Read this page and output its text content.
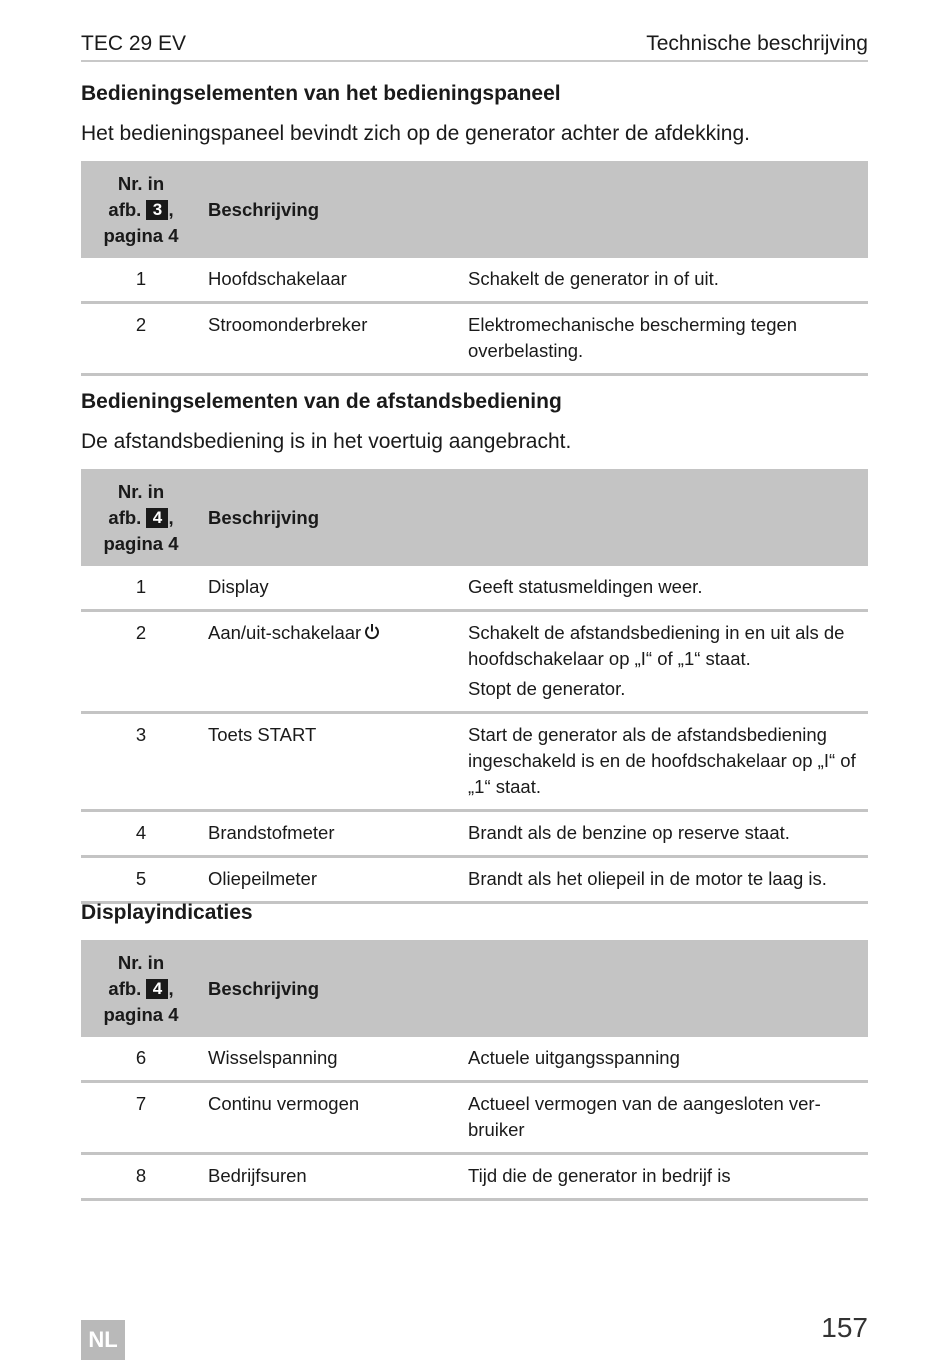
TEC 29 EV	Technische beschrijving
Bedieningselementen van het bedieningspaneel
Het bedieningspaneel bevindt zich op de generator achter de afdekking.
Nr. in
afb. 3 ,
pagina 4	Beschrijving	
1	Hoofdschakelaar	Schakelt de generator in of uit.

2	Stroomonderbreker	Elektromechanische bescherming tegen overbelasting.

Bedieningselementen van de afstandsbediening
De afstandsbediening is in het voertuig aangebracht.
Nr. in
afb. 4 ,
pagina 4	Beschrijving	
1	Display	Geeft statusmeldingen weer.

2	Aan/uit-schakelaar	Schakelt de afstandsbediening in en uit als de hoofdschakelaar op „I“ of „1“ staat.

Stopt de generator.

3	Toets START	Start de generator als de afstandsbediening ingeschakeld is en de hoofdschakelaar op „I“ of „1“ staat.

4	Brandstofmeter	Brandt als de benzine op reserve staat.

5	Oliepeilmeter	Brandt als het oliepeil in de motor te laag is.

Displayindicaties
Nr. in
afb. 4 ,
pagina 4	Beschrijving	
6	Wisselspanning	Actuele uitgangsspanning

7	Continu vermogen	Actueel vermogen van de aangesloten ver-bruiker

8	Bedrijfsuren	Tijd die de generator in bedrijf is

157
NL
